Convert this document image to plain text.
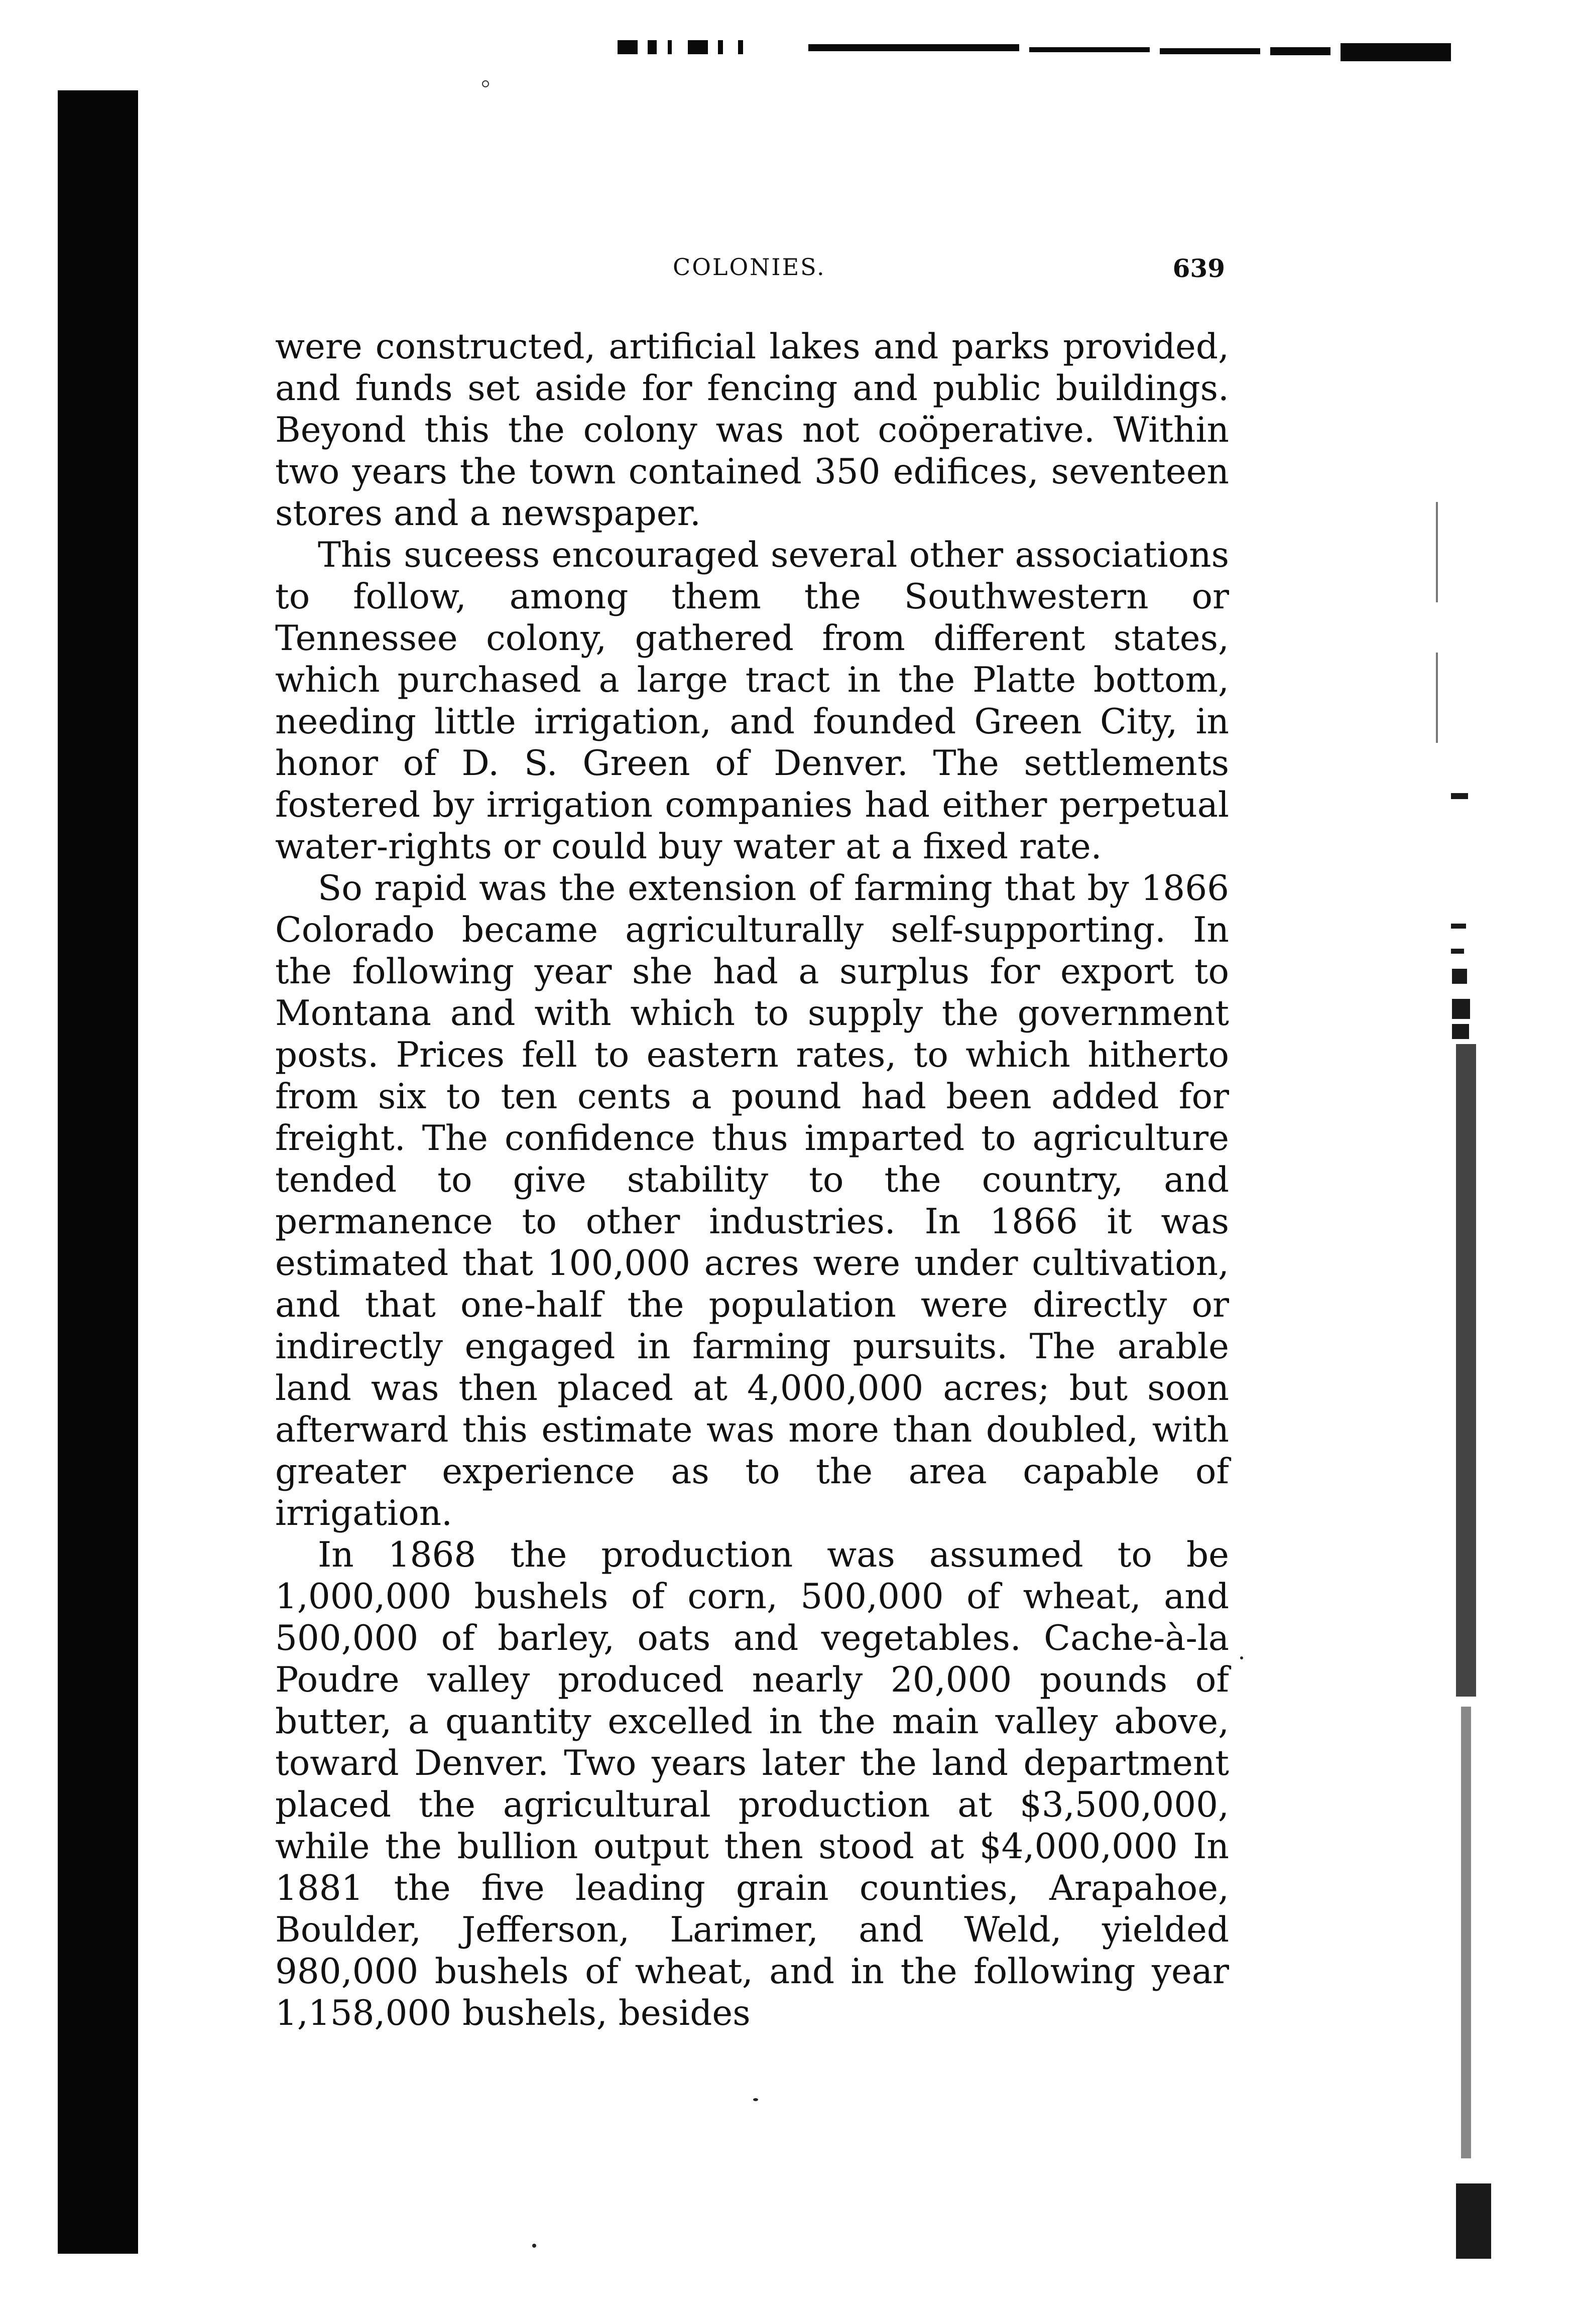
COLONIES.	639

were constructed, artificial lakes and parks provided, and funds set aside for fencing and public buildings. Beyond this the colony was not coöperative. Within two years the town contained 350 edifices, seventeen stores and a newspaper.

This suceess encouraged several other associations to follow, among them the Southwestern or Tennessee colony, gathered from different states, which purchased a large tract in the Platte bottom, needing little irrigation, and founded Green City, in honor of D. S. Green of Denver. The settlements fostered by irrigation companies had either perpetual water-rights or could buy water at a fixed rate.

So rapid was the extension of farming that by 1866 Colorado became agriculturally self-supporting. In the following year she had a surplus for export to Montana and with which to supply the government posts. Prices fell to eastern rates, to which hitherto from six to ten cents a pound had been added for freight. The confidence thus imparted to agriculture tended to give stability to the country, and permanence to other industries. In 1866 it was estimated that 100,000 acres were under cultivation, and that one-half the population were directly or indirectly engaged in farming pursuits. The arable land was then placed at 4,000,000 acres; but soon afterward this estimate was more than doubled, with greater experience as to the area capable of irrigation.

In 1868 the production was assumed to be 1,000,000 bushels of corn, 500,000 of wheat, and 500,000 of barley, oats and vegetables. Cache-à-la Poudre valley produced nearly 20,000 pounds of butter, a quantity excelled in the main valley above, toward Denver. Two years later the land department placed the agricultural production at $3,500,000, while the bullion output then stood at $4,000,000 In 1881 the five leading grain counties, Arapahoe, Boulder, Jefferson, Larimer, and Weld, yielded 980,000 bushels of wheat, and in the following year 1,158,000 bushels, besides
